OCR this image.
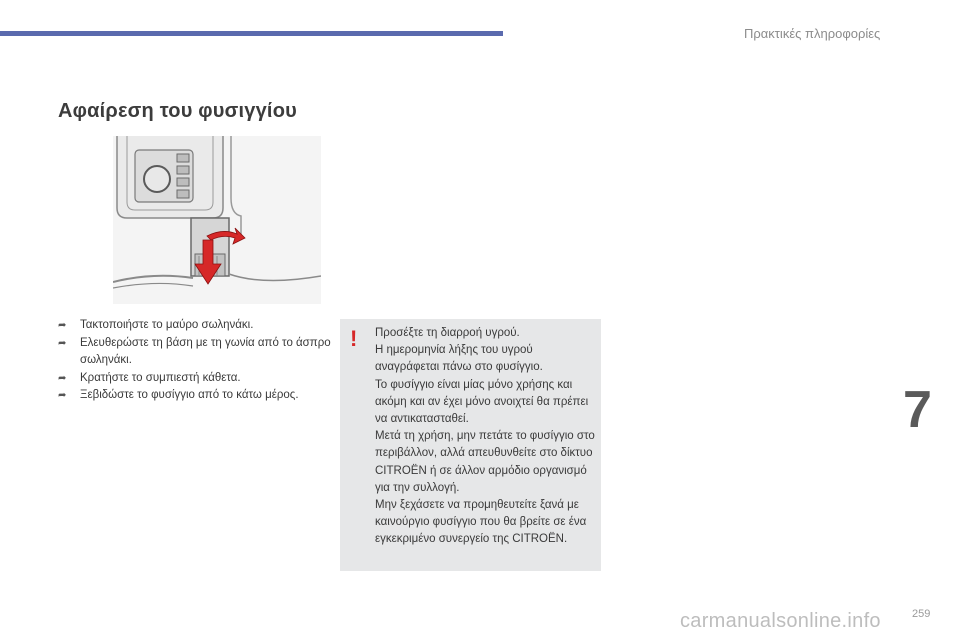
Πρακτικές πληροφορίες
Αφαίρεση του φυσιγγίου
➦ Τακτοποιήστε το μαύρο σωληνάκι.
➦ Ελευθερώστε τη βάση με τη γωνία από το άσπρο σωληνάκι.
➦ Κρατήστε το συμπιεστή κάθετα.
➦ Ξεβιδώστε το φυσίγγιο από το κάτω μέρος.
! Προσέξτε τη διαρροή υγρού.
Η ημερομηνία λήξης του υγρού αναγράφεται πάνω στο φυσίγγιο.
Το φυσίγγιο είναι μίας μόνο χρήσης και ακόμη και αν έχει μόνο ανοιχτεί θα πρέπει να αντικατασταθεί.
Μετά τη χρήση, μην πετάτε το φυσίγγιο στο περιβάλλον, αλλά απευθυνθείτε στο δίκτυο CITROËN ή σε άλλον αρμόδιο οργανισμό για την συλλογή.
Μην ξεχάσετε να προμηθευτείτε ξανά με καινούργιο φυσίγγιο που θα βρείτε σε ένα εγκεκριμένο συνεργείο της CITROËN.

7
259
carmanualsonline.info
